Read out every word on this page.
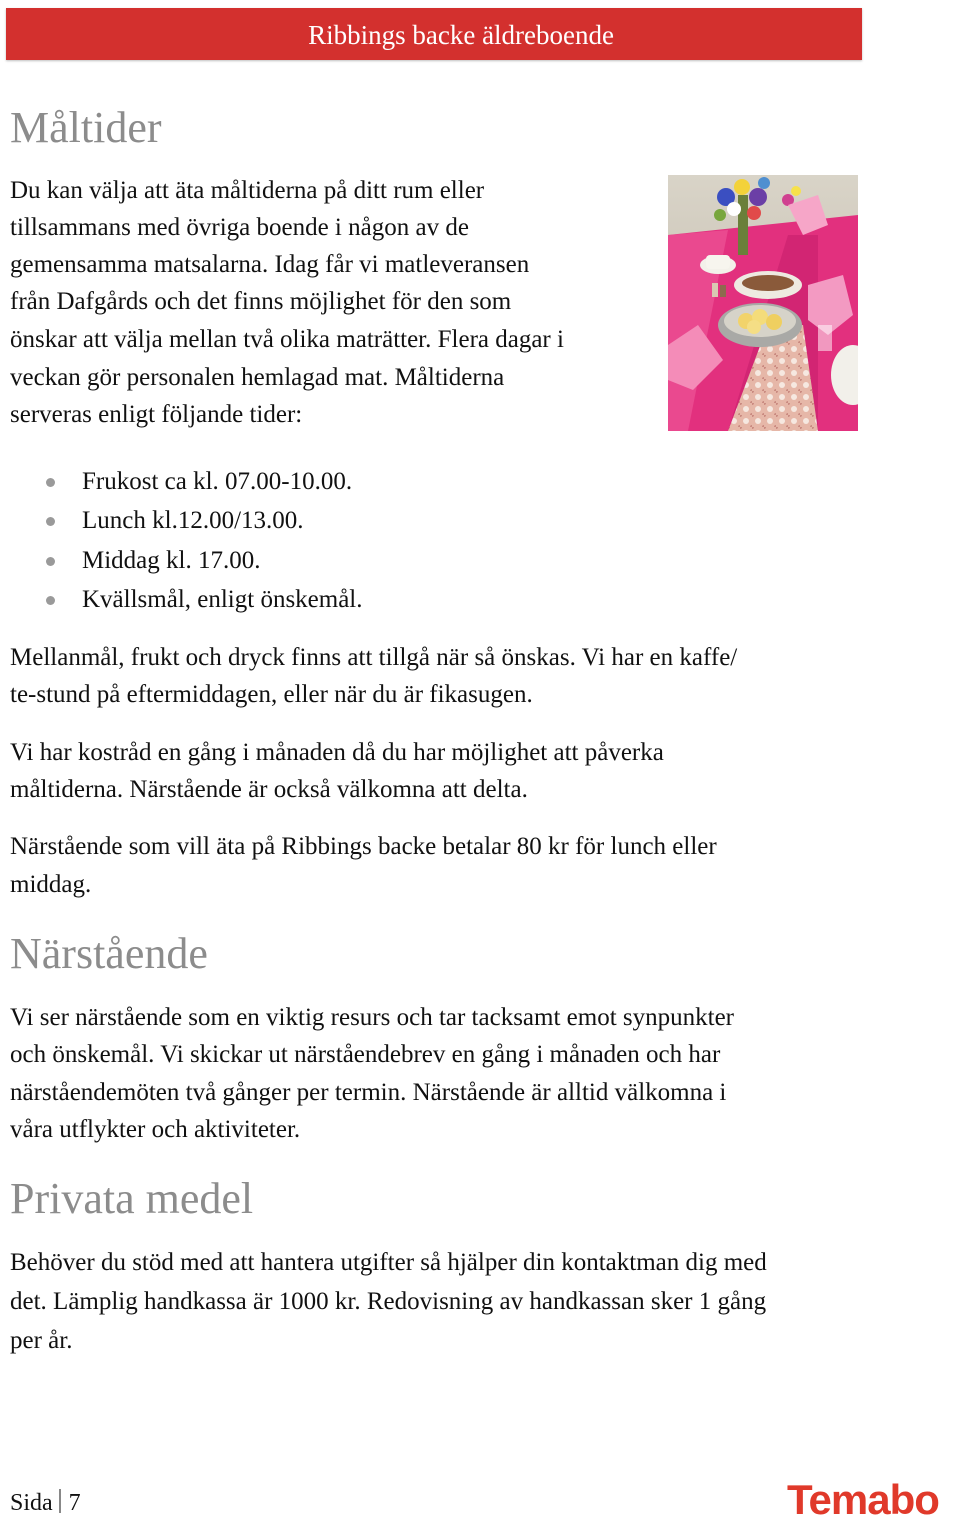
Ribbings backe äldreboende
Måltider
Du kan välja att äta måltiderna på ditt rum eller
tillsammans med övriga boende i någon av de
gemensamma matsalarna. Idag får vi matleveransen
från Dafgårds och det finns möjlighet för den som
önskar att välja mellan två olika maträtter. Flera dagar i
veckan gör personalen hemlagad mat. Måltiderna
serveras enligt följande tider:
Frukost ca kl. 07.00-10.00.
Lunch kl.12.00/13.00.
Middag kl. 17.00.
Kvällsmål, enligt önskemål.
Mellanmål, frukt och dryck finns att tillgå när så önskas. Vi har en kaffe/
te-stund på eftermiddagen, eller när du är fikasugen.
Vi har kostråd en gång i månaden då du har möjlighet att påverka
måltiderna. Närstående är också välkomna att delta.
Närstående som vill äta på Ribbings backe betalar 80 kr för lunch eller
middag.
Närstående
Vi ser närstående som en viktig resurs och tar tacksamt emot synpunkter
och önskemål. Vi skickar ut närståendebrev en gång i månaden och har
närståendemöten två gånger per termin. Närstående är alltid välkomna i
våra utflykter och aktiviteter.
Privata medel
Behöver du stöd med att hantera utgifter så hjälper din kontaktman dig med
det. Lämplig handkassa är 1000 kr. Redovisning av handkassan sker 1 gång
per år.
Sida 7	Temabo
